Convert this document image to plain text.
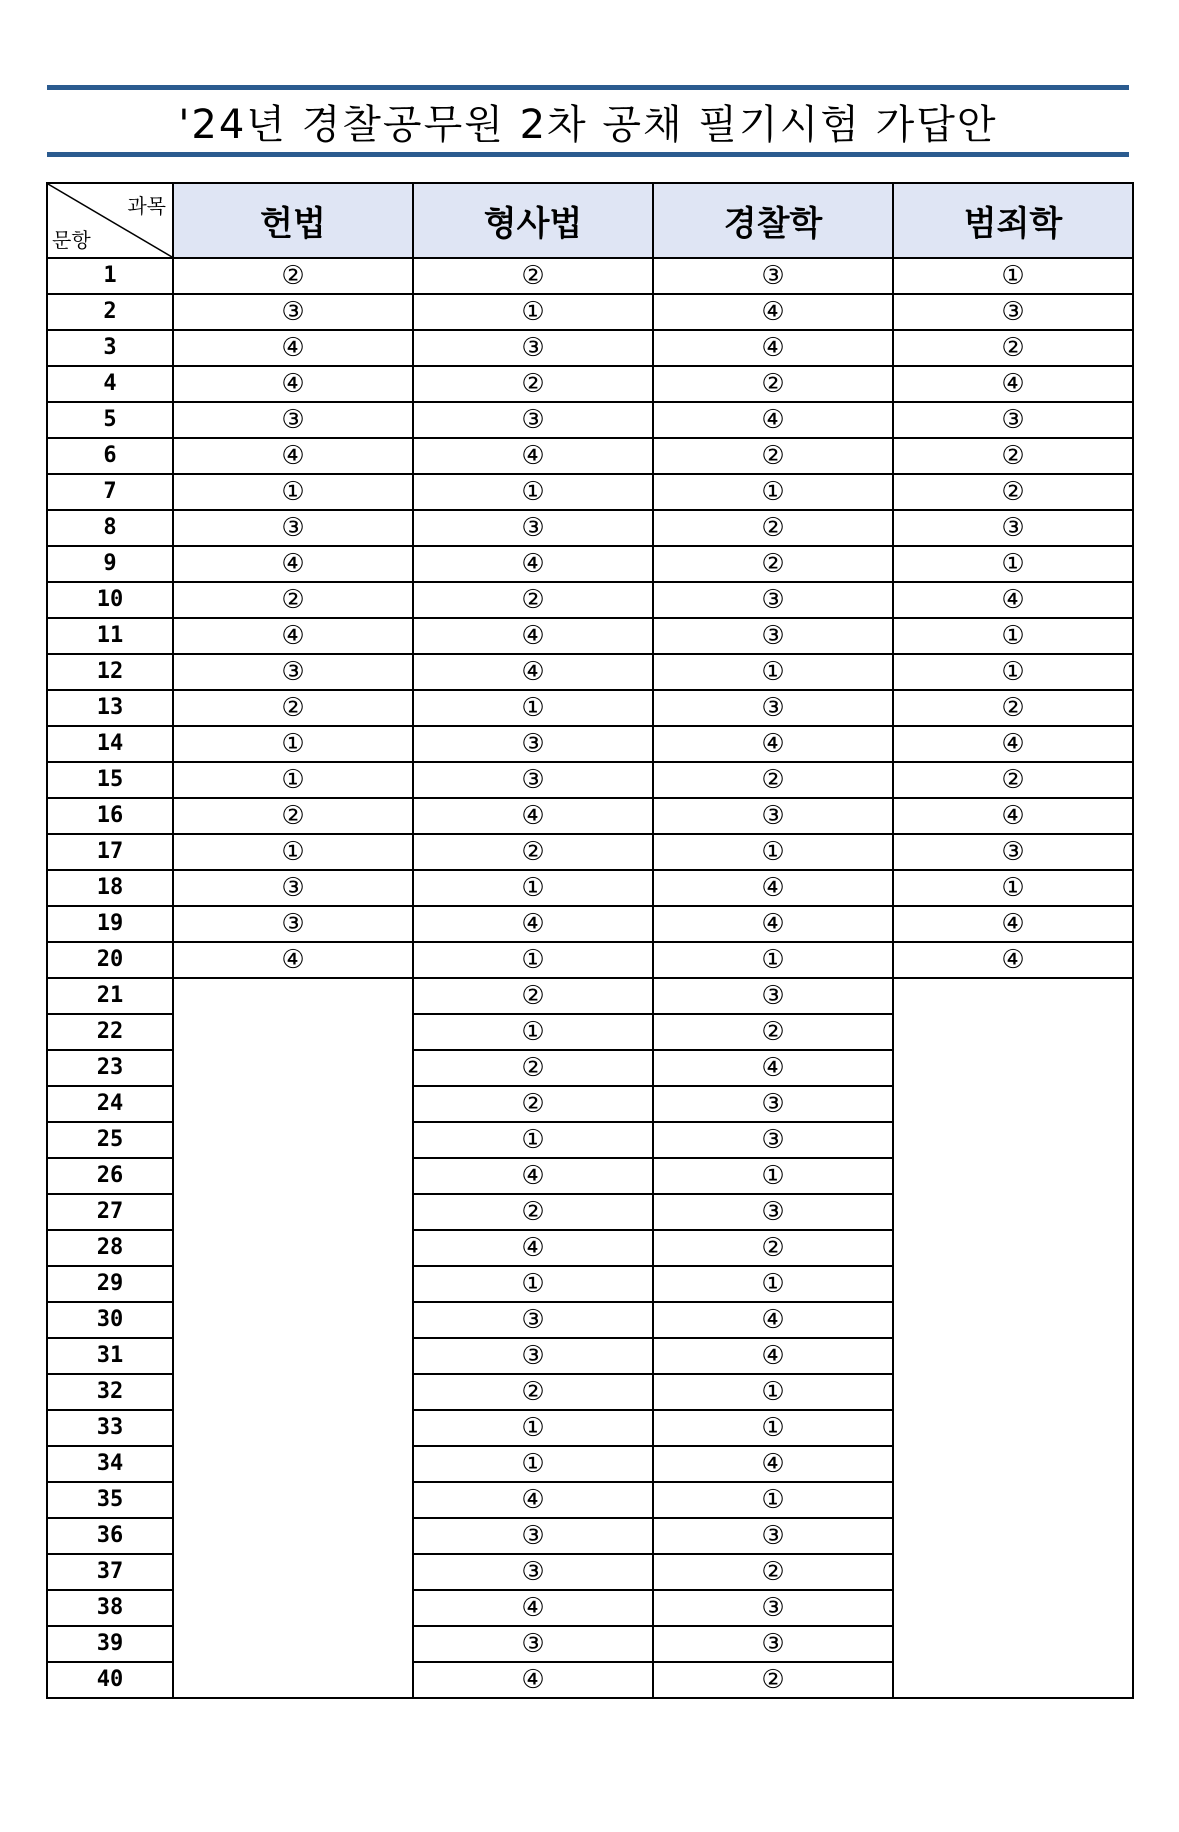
'24년 경찰공무원 2차 공채 필기시험 가답안
과목
문항	헌법	형사법	경찰학	범죄학
1	②	②	③	①
2	③	①	④	③
3	④	③	④	②
4	④	②	②	④
5	③	③	④	③
6	④	④	②	②
7	①	①	①	②
8	③	③	②	③
9	④	④	②	①
10	②	②	③	④
11	④	④	③	①
12	③	④	①	①
13	②	①	③	②
14	①	③	④	④
15	①	③	②	②
16	②	④	③	④
17	①	②	①	③
18	③	①	④	①
19	③	④	④	④
20	④	①	①	④
21		②	③	
22		①	②	
23		②	④	
24		②	③	
25		①	③	
26		④	①	
27		②	③	
28		④	②	
29		①	①	
30		③	④	
31		③	④	
32		②	①	
33		①	①	
34		①	④	
35		④	①	
36		③	③	
37		③	②	
38		④	③	
39		③	③	
40		④	②	
